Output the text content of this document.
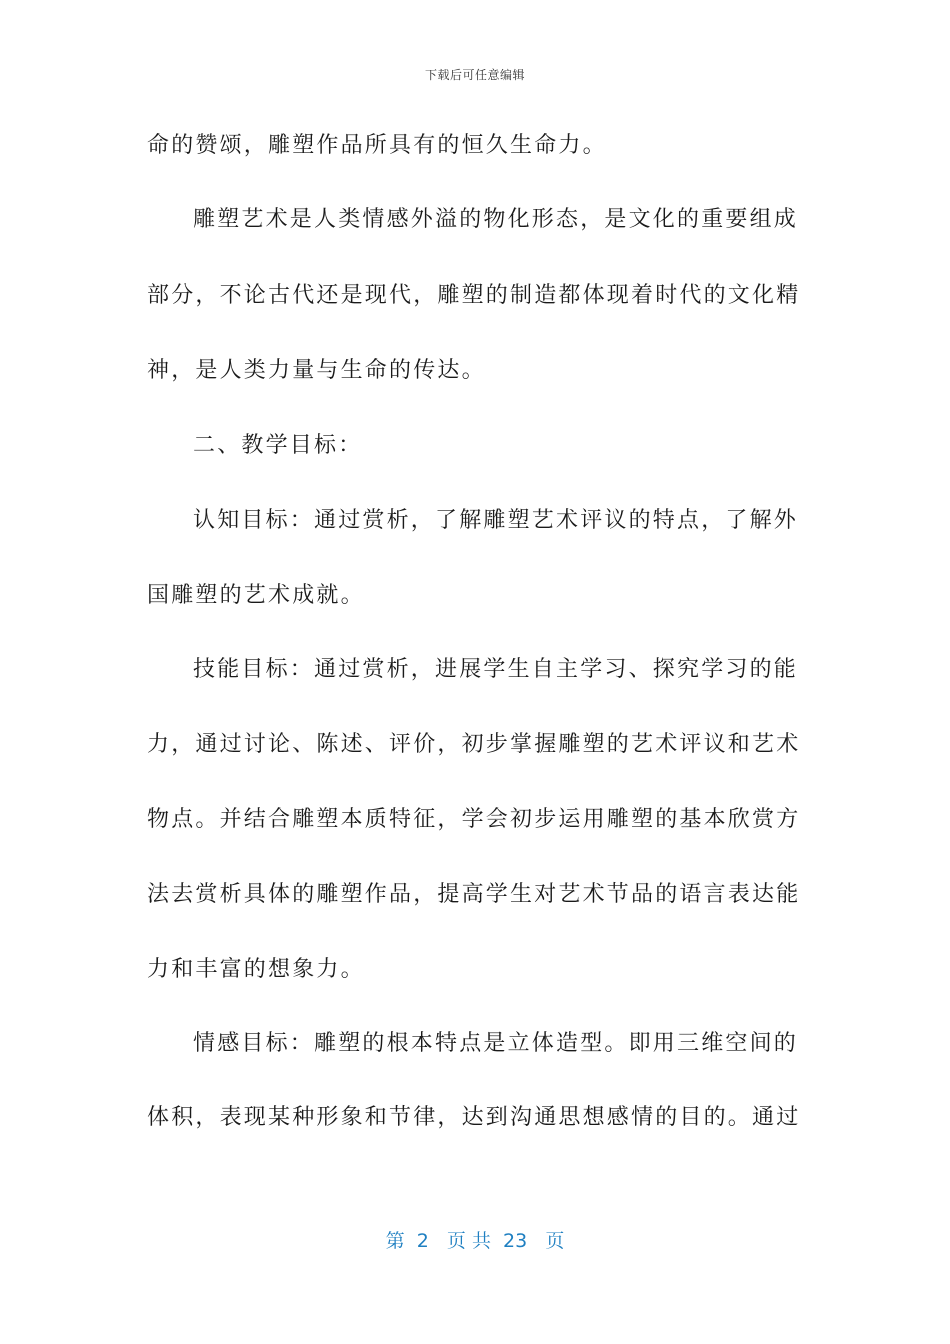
下载后可任意编辑
命的赞颂，雕塑作品所具有的恒久生命力。
雕塑艺术是人类情感外溢的物化形态，是文化的重要组成
部分，不论古代还是现代，雕塑的制造都体现着时代的文化精
神，是人类力量与生命的传达。
二、教学目标：
认知目标：通过赏析，了解雕塑艺术评议的特点，了解外
国雕塑的艺术成就。
技能目标：通过赏析，进展学生自主学习、探究学习的能
力，通过讨论、陈述、评价，初步掌握雕塑的艺术评议和艺术
物点。并结合雕塑本质特征，学会初步运用雕塑的基本欣赏方
法去赏析具体的雕塑作品，提高学生对艺术节品的语言表达能
力和丰富的想象力。
情感目标：雕塑的根本特点是立体造型。即用三维空间的
体积，表现某种形象和节律，达到沟通思想感情的目的。通过
第  2   页 共  23   页
